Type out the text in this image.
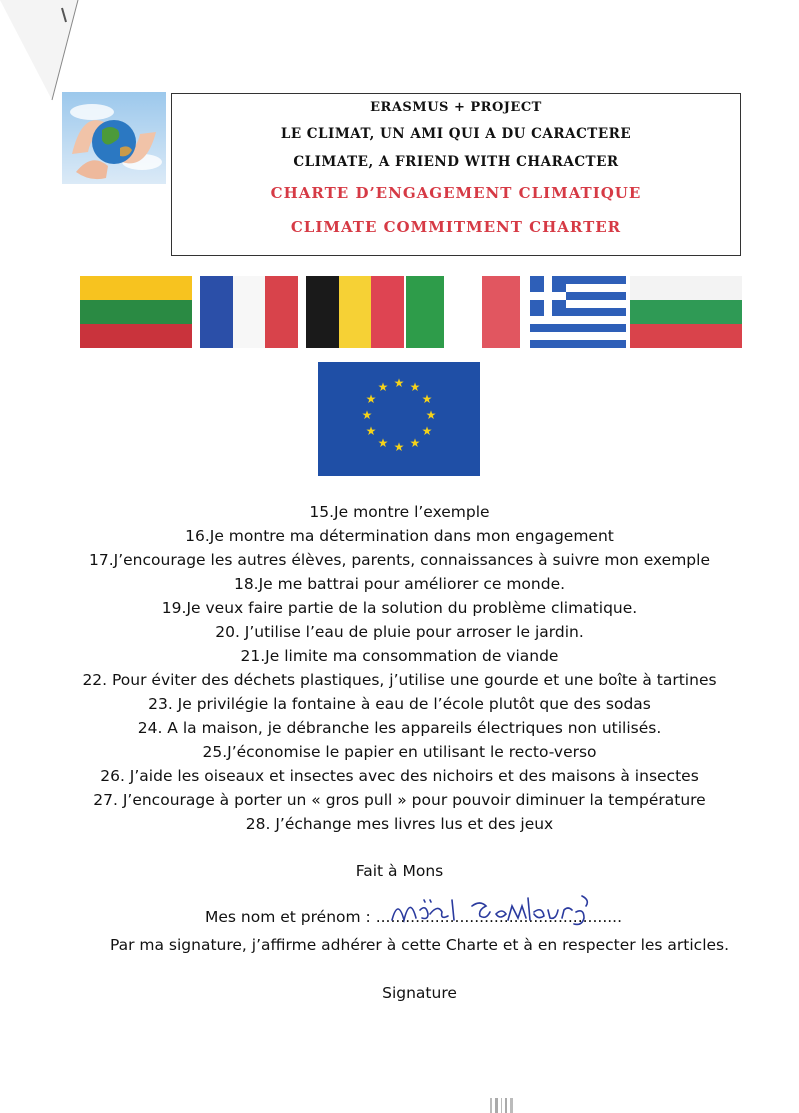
ERASMUS + PROJECT
LE CLIMAT, UN AMI QUI A DU CARACTERE
CLIMATE, A FRIEND WITH CHARACTER
CHARTE D’ENGAGEMENT CLIMATIQUE
CLIMATE COMMITMENT CHARTER
★ ★
★
★
★
★
★
★
★
★
★
★
15.Je montre l’exemple
16.Je montre ma détermination dans mon engagement
17.J’encourage les autres élèves, parents, connaissances à suivre mon exemple
18.Je me battrai pour améliorer ce monde.
19.Je veux faire partie de la solution du problème climatique.
20. J’utilise l’eau de pluie pour arroser le jardin.
21.Je limite ma consommation de viande
22. Pour éviter des déchets plastiques, j’utilise une gourde et une boîte à tartines
23. Je privilégie la fontaine à eau de l’école plutôt que des sodas
24. A la maison, je débranche les appareils électriques non utilisés.
25.J’économise le papier en utilisant le recto-verso
26. J’aide les oiseaux et insectes avec des nichoirs et des maisons à insectes
27. J’encourage à porter un « gros pull » pour pouvoir diminuer la température
28. J’échange mes livres lus et des jeux
Fait à Mons
Mes nom et prénom : ..................................................
Par ma signature, j’affirme adhérer à cette Charte et à en respecter les articles.
Signature
